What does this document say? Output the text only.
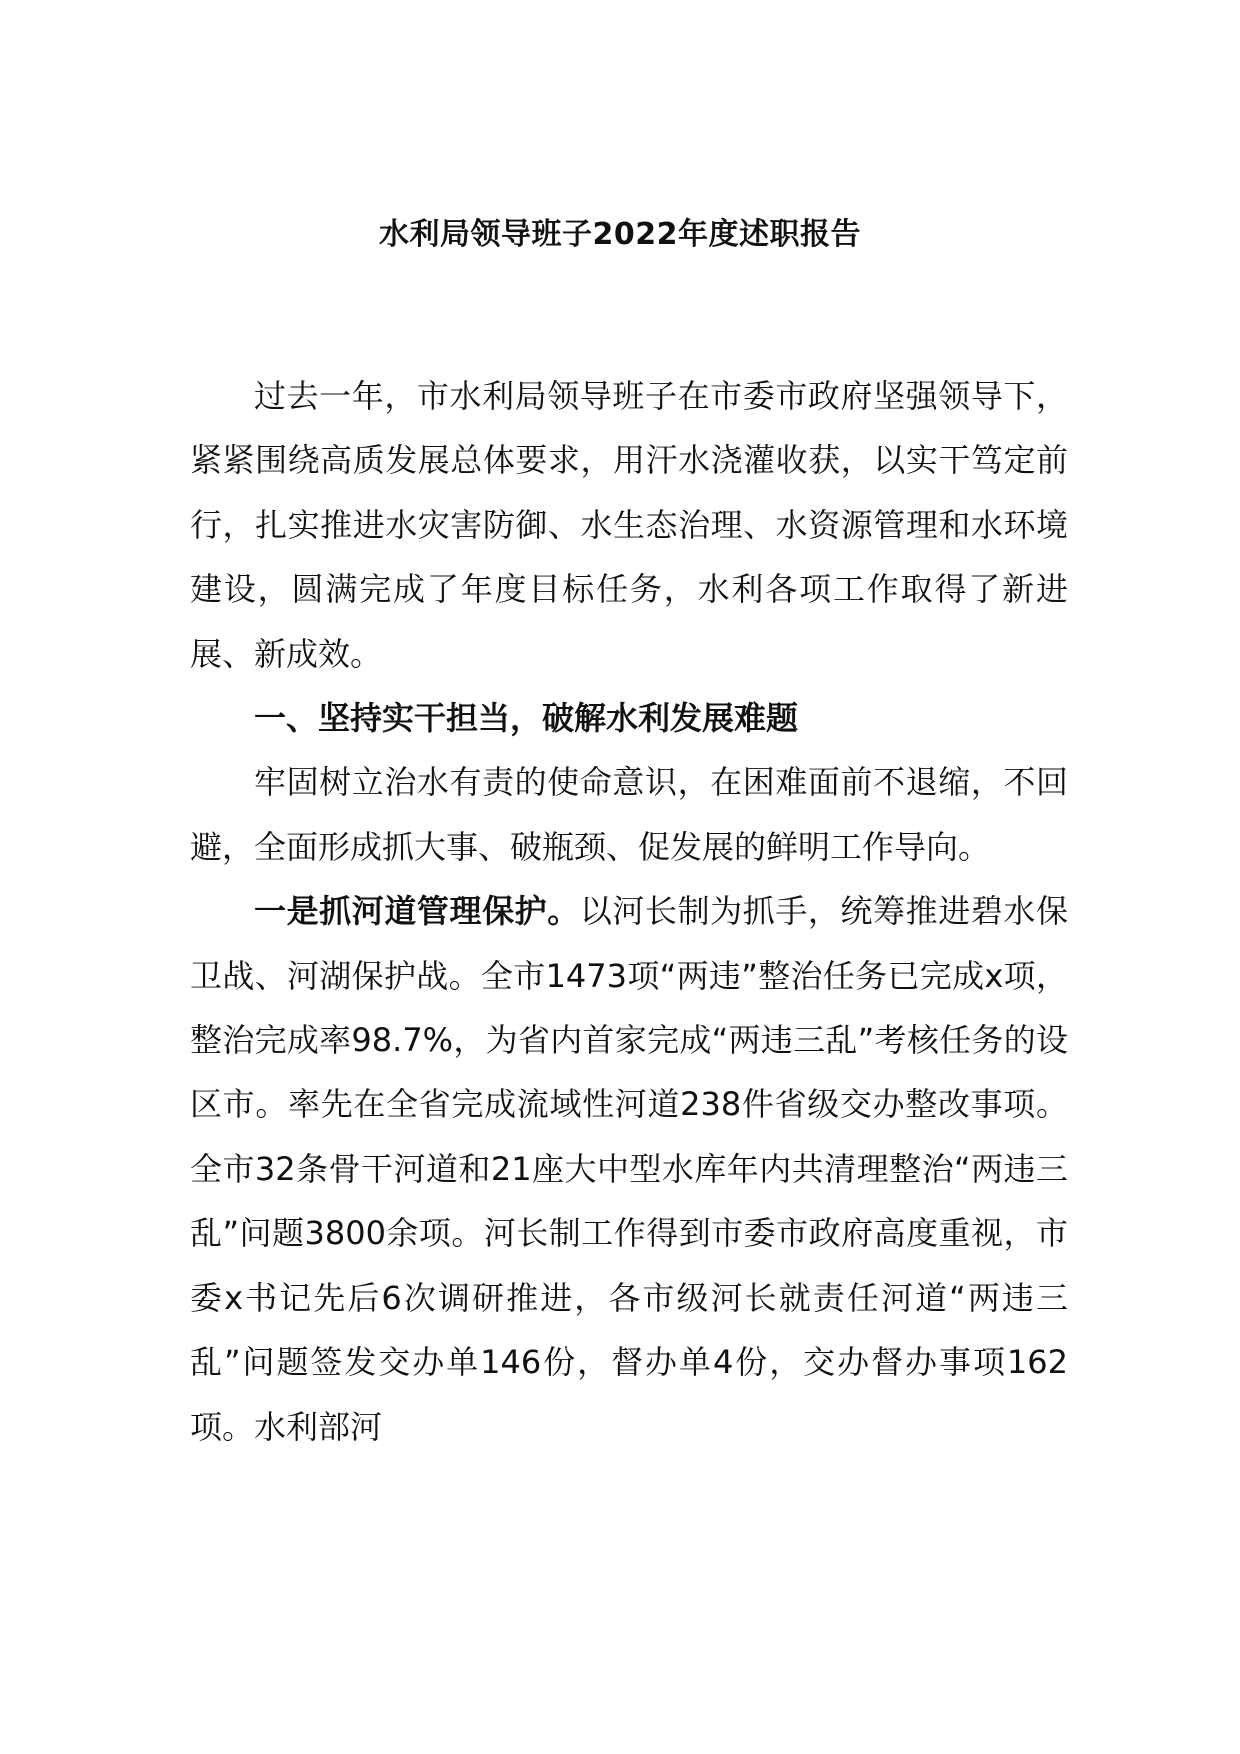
水利局领导班子2022年度述职报告

过去一年，市水利局领导班子在市委市政府坚强领导下，紧紧围绕高质发展总体要求，用汗水浇灌收获，以实干笃定前行，扎实推进水灾害防御、水生态治理、水资源管理和水环境建设，圆满完成了年度目标任务，水利各项工作取得了新进展、新成效。

一、坚持实干担当，破解水利发展难题

牢固树立治水有责的使命意识，在困难面前不退缩，不回避，全面形成抓大事、破瓶颈、促发展的鲜明工作导向。

一是抓河道管理保护。以河长制为抓手，统筹推进碧水保卫战、河湖保护战。全市1473项“两违”整治任务已完成x项，整治完成率98.7%，为省内首家完成“两违三乱”考核任务的设区市。率先在全省完成流域性河道238件省级交办整改事项。全市32条骨干河道和21座大中型水库年内共清理整治“两违三乱”问题3800余项。河长制工作得到市委市政府高度重视，市委x书记先后6次调研推进，各市级河长就责任河道“两违三乱”问题签发交办单146份，督办单4份，交办督办事项162项。水利部河
